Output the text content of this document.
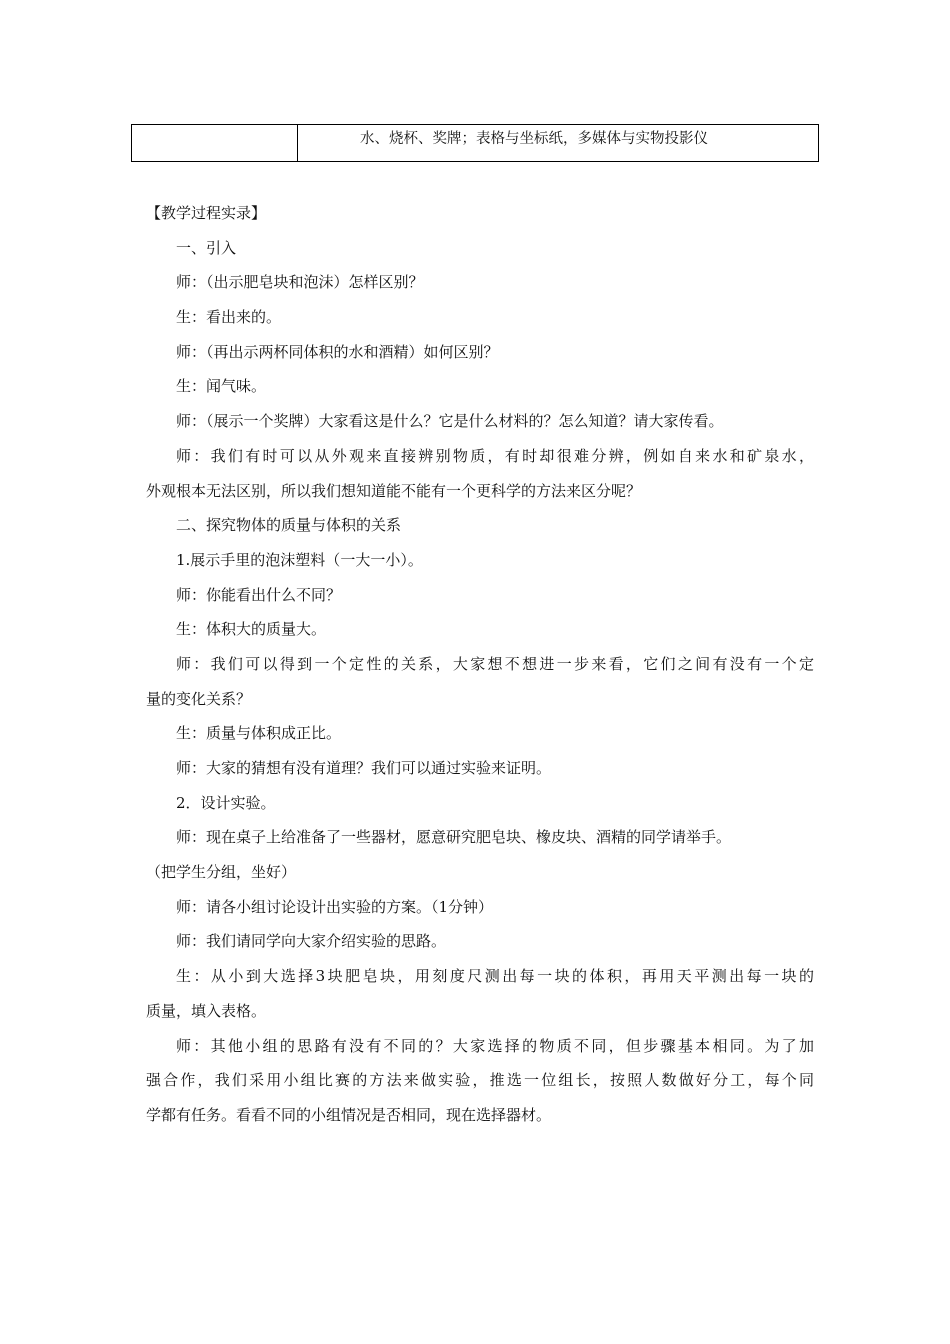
水、烧杯、奖牌；表格与坐标纸，多媒体与实物投影仪
【教学过程实录】
一、引入
师：（出示肥皂块和泡沫）怎样区别？
生：看出来的。
师：（再出示两杯同体积的水和酒精）如何区别？
生：闻气味。
师：（展示一个奖牌）大家看这是什么？它是什么材料的？怎么知道？请大家传看。
师：我们有时可以从外观来直接辨别物质，有时却很难分辨，例如自来水和矿泉水，
外观根本无法区别，所以我们想知道能不能有一个更科学的方法来区分呢？
二、探究物体的质量与体积的关系
1.展示手里的泡沫塑料（一大一小）。
师：你能看出什么不同？
生：体积大的质量大。
师：我们可以得到一个定性的关系，大家想不想进一步来看，它们之间有没有一个定
量的变化关系？
生：质量与体积成正比。
师：大家的猜想有没有道理？我们可以通过实验来证明。
2．设计实验。
师：现在桌子上给准备了一些器材，愿意研究肥皂块、橡皮块、酒精的同学请举手。
（把学生分组，坐好）
师：请各小组讨论设计出实验的方案。（1分钟）
师：我们请同学向大家介绍实验的思路。
生：从小到大选择3块肥皂块，用刻度尺测出每一块的体积，再用天平测出每一块的
质量，填入表格。
师：其他小组的思路有没有不同的？大家选择的物质不同，但步骤基本相同。为了加
强合作，我们采用小组比赛的方法来做实验，推选一位组长，按照人数做好分工，每个同
学都有任务。看看不同的小组情况是否相同，现在选择器材。
